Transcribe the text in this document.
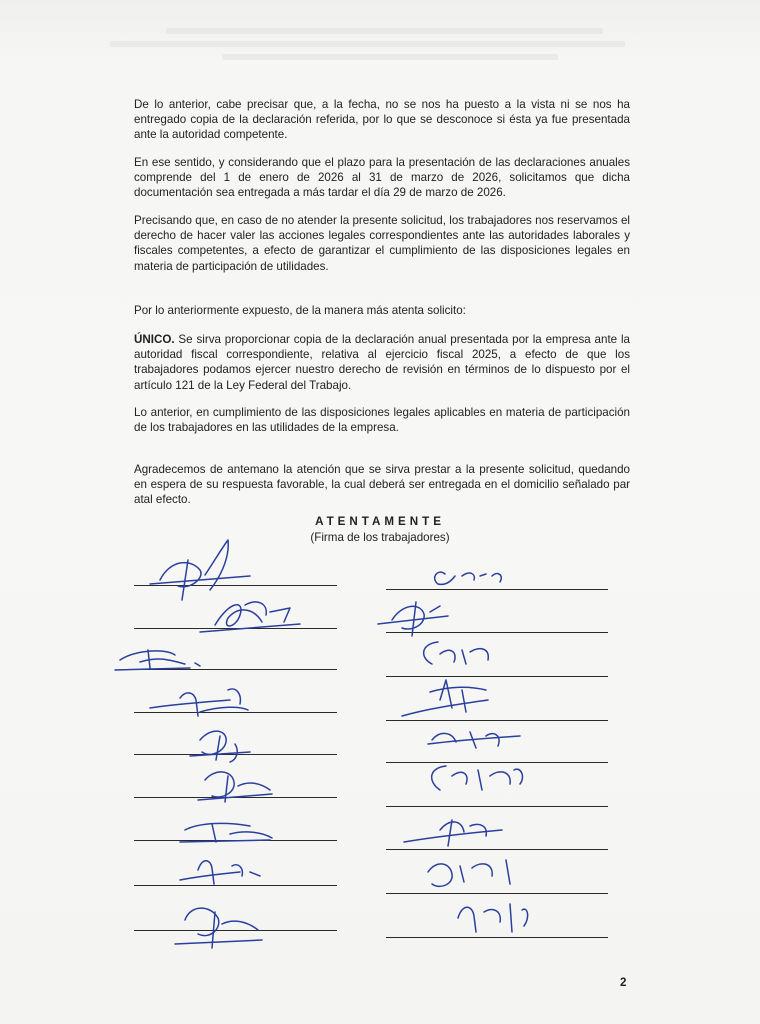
De lo anterior, cabe precisar que, a la fecha, no se nos ha puesto a la vista ni se nos ha entregado copia de la declaración referida, por lo que se desconoce si ésta ya fue presentada ante la autoridad competente.

En ese sentido, y considerando que el plazo para la presentación de las declaraciones anuales comprende del 1 de enero de 2026 al 31 de marzo de 2026, solicitamos que dicha documentación sea entregada a más tardar el día 29 de marzo de 2026.

Precisando que, en caso de no atender la presente solicitud, los trabajadores nos reservamos el derecho de hacer valer las acciones legales correspondientes ante las autoridades laborales y fiscales competentes, a efecto de garantizar el cumplimiento de las disposiciones legales en materia de participación de utilidades.

Por lo anteriormente expuesto, de la manera más atenta solicito:

ÚNICO. Se sirva proporcionar copia de la declaración anual presentada por la empresa ante la autoridad fiscal correspondiente, relativa al ejercicio fiscal 2025, a efecto de que los trabajadores podamos ejercer nuestro derecho de revisión en términos de lo dispuesto por el artículo 121 de la Ley Federal del Trabajo.

Lo anterior, en cumplimiento de las disposiciones legales aplicables en materia de participación de los trabajadores en las utilidades de la empresa.

Agradecemos de antemano la atención que se sirva prestar a la presente solicitud, quedando en espera de su respuesta favorable, la cual deberá ser entregada en el domicilio señalado par atal efecto.

ATENTAMENTE
(Firma de los trabajadores)
2
